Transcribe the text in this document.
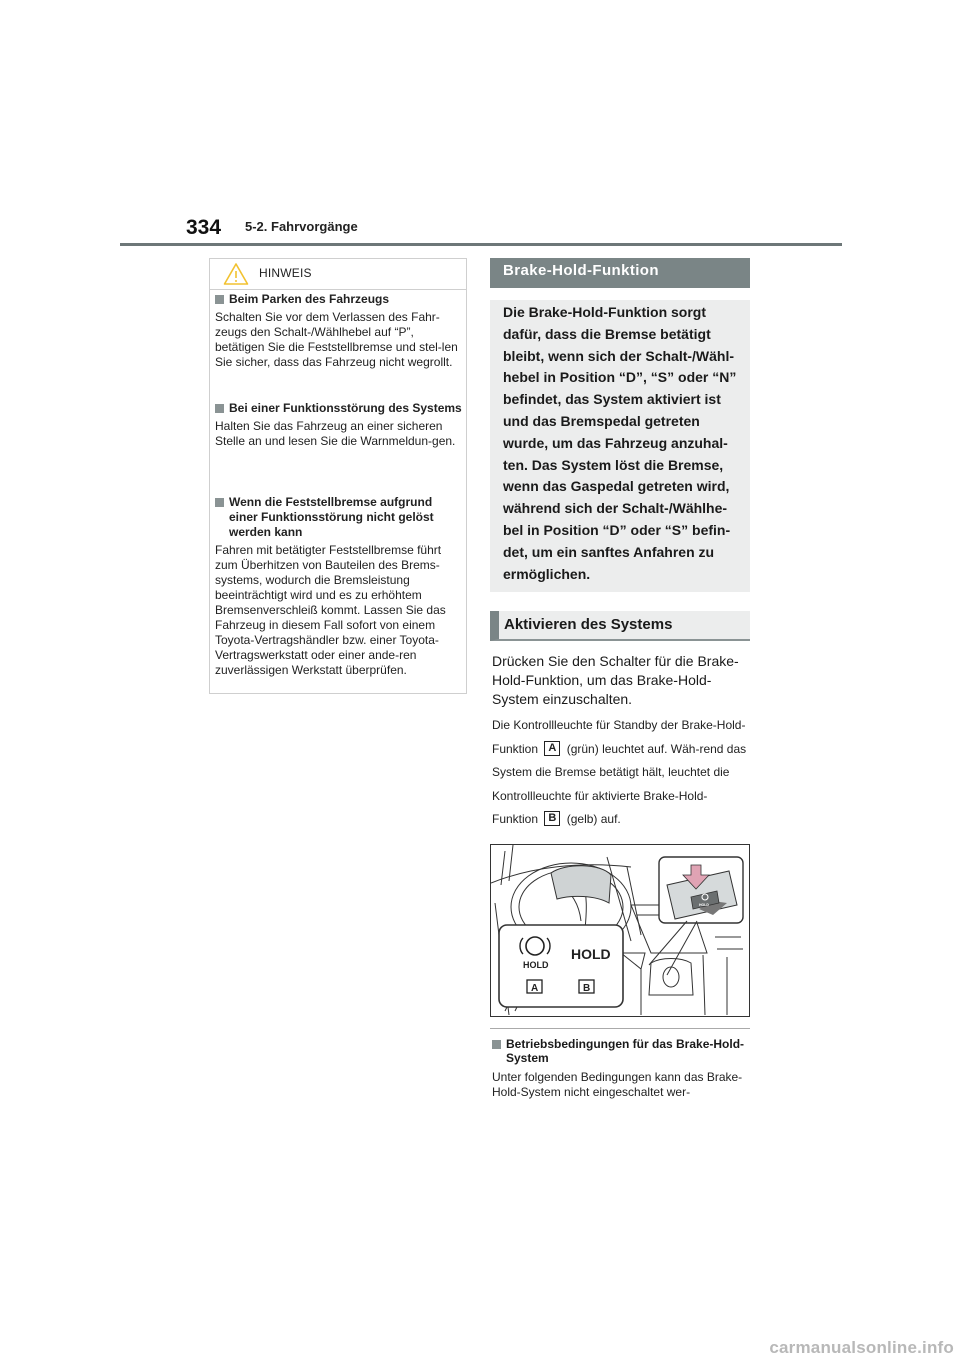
334 5-2. Fahrvorgänge
HINWEIS
Beim Parken des Fahrzeugs

Schalten Sie vor dem Verlassen des Fahr-zeugs den Schalt-/Wählhebel auf “P”, betätigen Sie die Feststellbremse und stel-len Sie sicher, dass das Fahrzeug nicht wegrollt.

Bei einer Funktionsstörung des Systems

Halten Sie das Fahrzeug an einer sicheren Stelle an und lesen Sie die Warnmeldun-gen.

Wenn die Feststellbremse aufgrund einer Funktionsstörung nicht gelöst werden kann

Fahren mit betätigter Feststellbremse führt zum Überhitzen von Bauteilen des Brems-systems, wodurch die Bremsleistung beeinträchtigt wird und es zu erhöhtem Bremsenverschleiß kommt. Lassen Sie das Fahrzeug in diesem Fall sofort von einem Toyota-Vertragshändler bzw. einer Toyota-Vertragswerkstatt oder einer ande-ren zuverlässigen Werkstatt überprüfen.

Brake-Hold-Funktion

Die Brake-Hold-Funktion sorgt dafür, dass die Bremse betätigt bleibt, wenn sich der Schalt-/Wähl-hebel in Position “D”, “S” oder “N” befindet, das System aktiviert ist und das Bremspedal getreten wurde, um das Fahrzeug anzuhal-ten. Das System löst die Bremse, wenn das Gaspedal getreten wird, während sich der Schalt-/Wählhe-bel in Position “D” oder “S” befin-det, um ein sanftes Anfahren zu ermöglichen.

Aktivieren des Systems

Drücken Sie den Schalter für die Brake-Hold-Funktion, um das Brake-Hold-System einzuschalten.

Die Kontrollleuchte für Standby der Brake-Hold-Funktion A (grün) leuchtet auf. Wäh-rend das System die Bremse betätigt hält, leuchtet die Kontrollleuchte für aktivierte Brake-Hold-Funktion B (gelb) auf.

HOLD
HOLD
HOLD
A	B
Betriebsbedingungen für das Brake-Hold-System

Unter folgenden Bedingungen kann das Brake-Hold-System nicht eingeschaltet wer-

carmanualsonline.info
